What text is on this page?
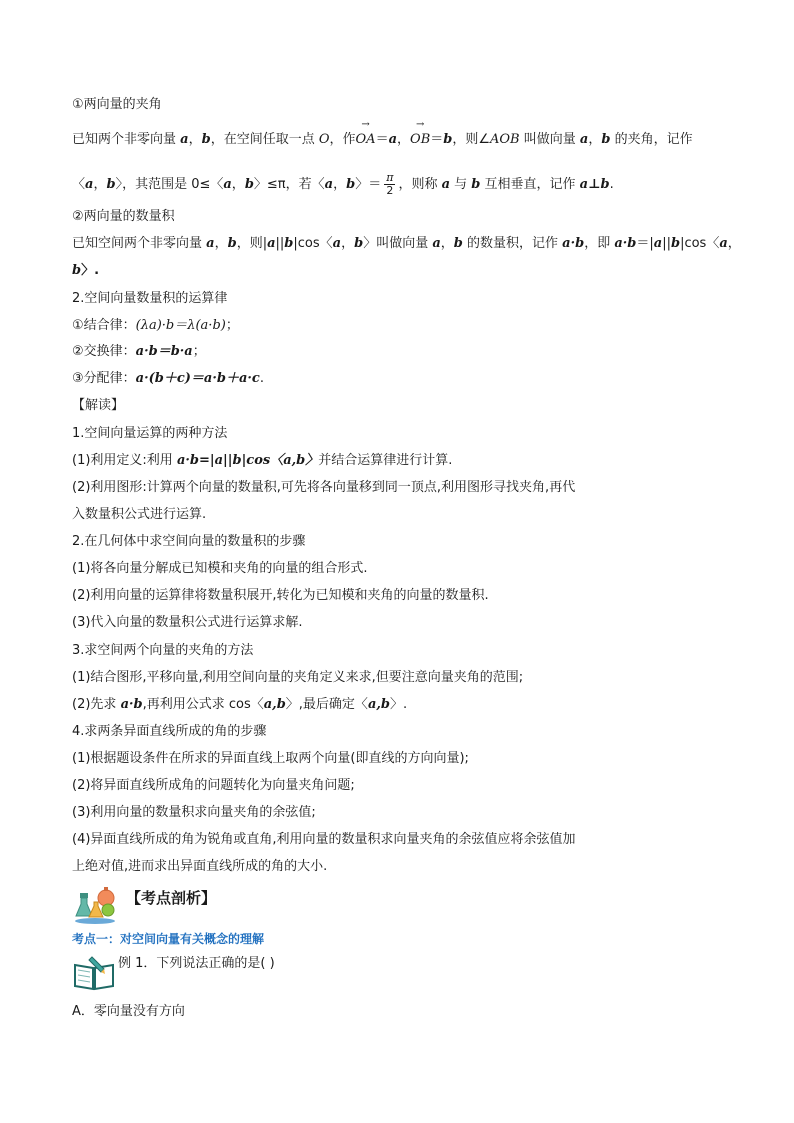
①两向量的夹角
已知两个非零向量 a，b，在空间任取一点 O，作→ OA＝a，→ OB＝b，则∠AOB 叫做向量 a，b 的夹角，记作
〈a，b〉，其范围是 0≤〈a，b〉≤π，若〈a，b〉＝ $\frac{\pi}{2}$ ，则称 a 与 b 互相垂直，记作 a⊥b.
②两向量的数量积
已知空间两个非零向量 a，b，则|a||b|cos〈a，b〉叫做向量 a，b 的数量积，记作 a·b，即 a·b＝|a||b|cos〈a，
b〉.
2.空间向量数量积的运算律
①结合律：(λa)·b＝λ(a·b)；
②交换律：a·b＝b·a；
③分配律：a·(b＋c)＝a·b＋a·c.
【解读】
1.空间向量运算的两种方法
(1)利用定义:利用 a·b=|a||b|cos〈a,b〉并结合运算律进行计算.
(2)利用图形:计算两个向量的数量积,可先将各向量移到同一顶点,利用图形寻找夹角,再代
入数量积公式进行运算.
2.在几何体中求空间向量的数量积的步骤
(1)将各向量分解成已知模和夹角的向量的组合形式.
(2)利用向量的运算律将数量积展开,转化为已知模和夹角的向量的数量积.
(3)代入向量的数量积公式进行运算求解.
3.求空间两个向量的夹角的方法
(1)结合图形,平移向量,利用空间向量的夹角定义来求,但要注意向量夹角的范围;
(2)先求 a·b,再利用公式求 cos〈a,b〉,最后确定〈a,b〉.
4.求两条异面直线所成的角的步骤
(1)根据题设条件在所求的异面直线上取两个向量(即直线的方向向量);
(2)将异面直线所成角的问题转化为向量夹角问题;
(3)利用向量的数量积求向量夹角的余弦值;
(4)异面直线所成的角为锐角或直角,利用向量的数量积求向量夹角的余弦值应将余弦值加
上绝对值,进而求出异面直线所成的角的大小.
【考点剖析】
考点一：对空间向量有关概念的理解
例 1．下列说法正确的是( )
A．零向量没有方向
